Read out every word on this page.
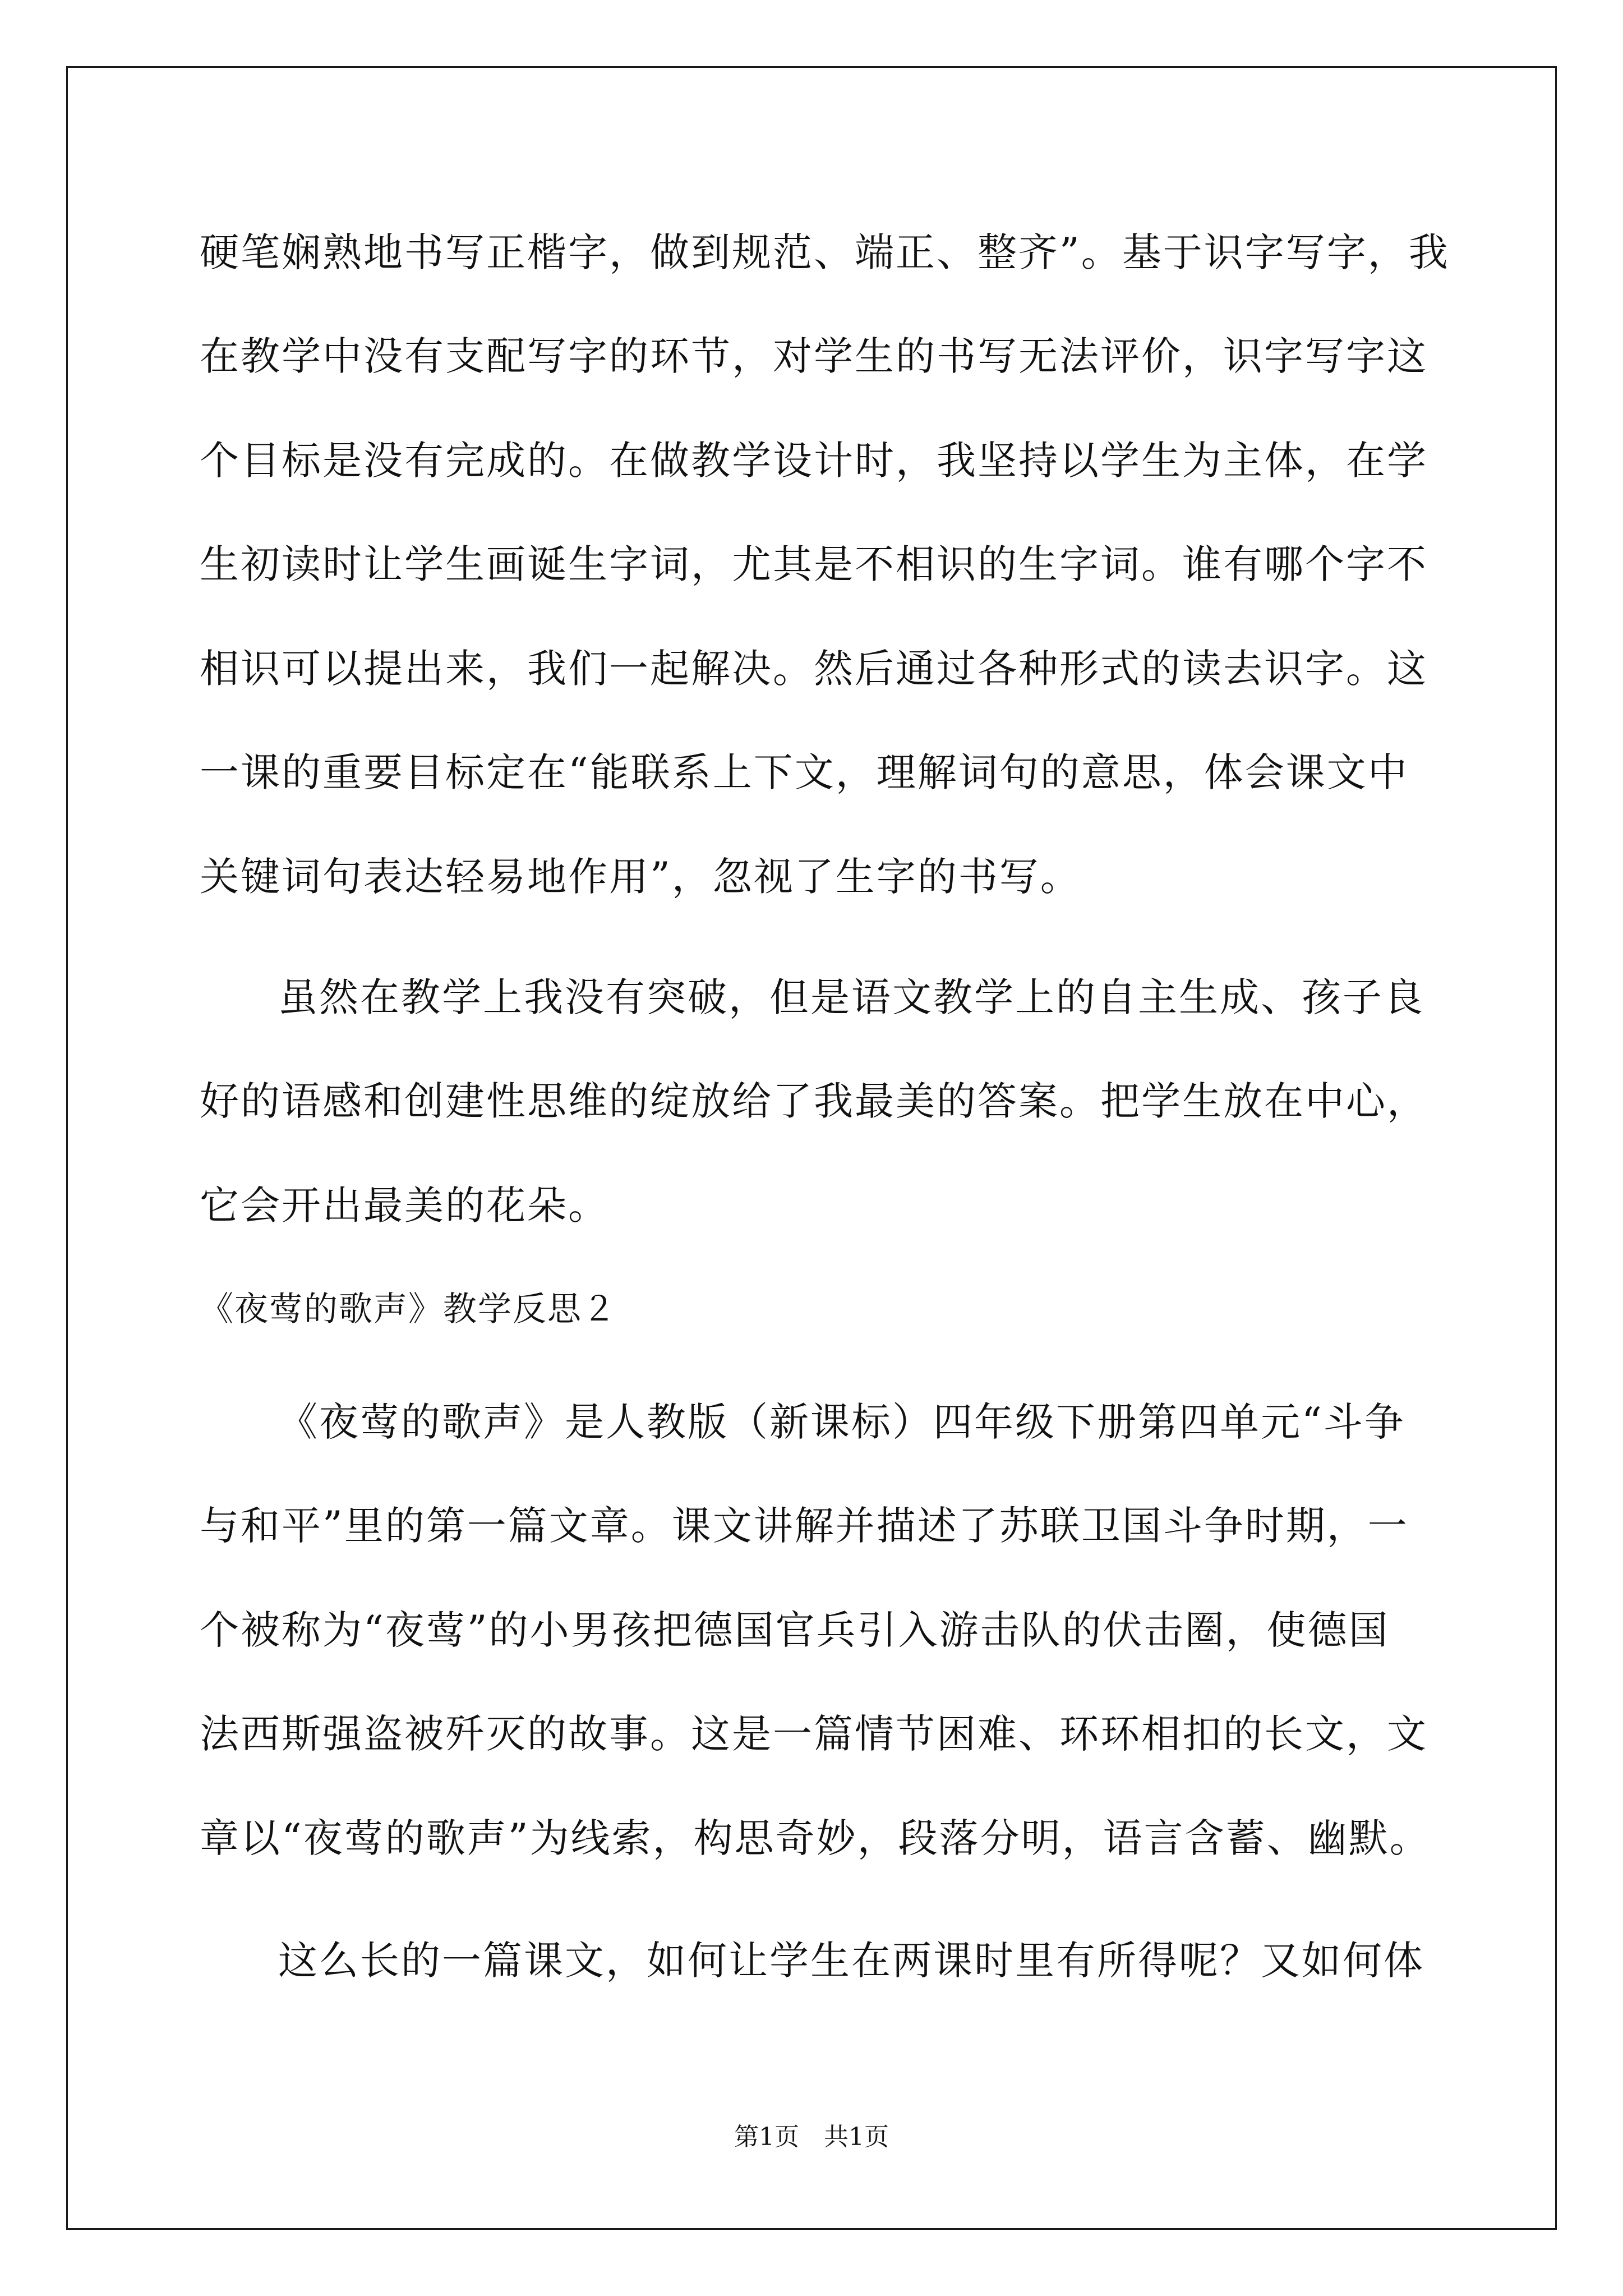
硬笔娴熟地书写正楷字，做到规范、端正、整齐”。基于识字写字，我
在教学中没有支配写字的环节，对学生的书写无法评价，识字写字这
个目标是没有完成的。在做教学设计时，我坚持以学生为主体，在学
生初读时让学生画诞生字词，尤其是不相识的生字词。谁有哪个字不
相识可以提出来，我们一起解决。然后通过各种形式的读去识字。这
一课的重要目标定在“能联系上下文，理解词句的意思，体会课文中
关键词句表达轻易地作用”，忽视了生字的书写。
虽然在教学上我没有突破，但是语文教学上的自主生成、孩子良
好的语感和创建性思维的绽放给了我最美的答案。把学生放在中心，
它会开出最美的花朵。
《夜莺的歌声》教学反思２
《夜莺的歌声》是人教版（新课标）四年级下册第四单元“斗争
与和平”里的第一篇文章。课文讲解并描述了苏联卫国斗争时期，一
个被称为“夜莺”的小男孩把德国官兵引入游击队的伏击圈，使德国
法西斯强盗被歼灭的故事。这是一篇情节困难、环环相扣的长文，文
章以“夜莺的歌声”为线索，构思奇妙，段落分明，语言含蓄、幽默。
这么长的一篇课文，如何让学生在两课时里有所得呢？又如何体
第1页　共1页
